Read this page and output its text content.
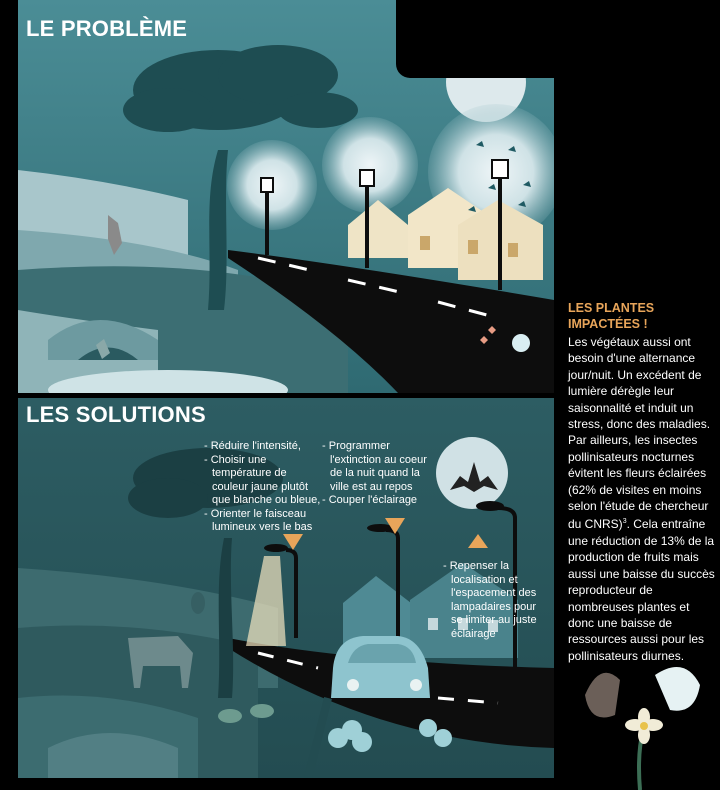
LE PROBLÈME
LES SOLUTIONS
- Réduire l'intensité,
- Choisir une température de couleur jaune plutôt que blanche ou bleue,
- Orienter le faisceau lumineux vers le bas
- Programmer l'extinction au coeur de la nuit quand la ville est au repos
- Couper l'éclairage
- Repenser la localisation et l'espacement des lampadaires pour se limiter au juste éclairage
LES PLANTES IMPACTÉES !
Les végétaux aussi ont besoin d'une alternance jour/nuit. Un excédent de lumière dérègle leur saisonnalité et induit un stress, donc des maladies. Par ailleurs, les insectes pollinisateurs nocturnes évitent les fleurs éclairées (62% de visites en moins selon l'étude de chercheur du CNRS)$^3$. Cela entraîne une réduction de 13% de la production de fruits mais aussi une baisse du succès reproducteur de nombreuses plantes et donc une baisse de ressources aussi pour les pollinisateurs diurnes.
